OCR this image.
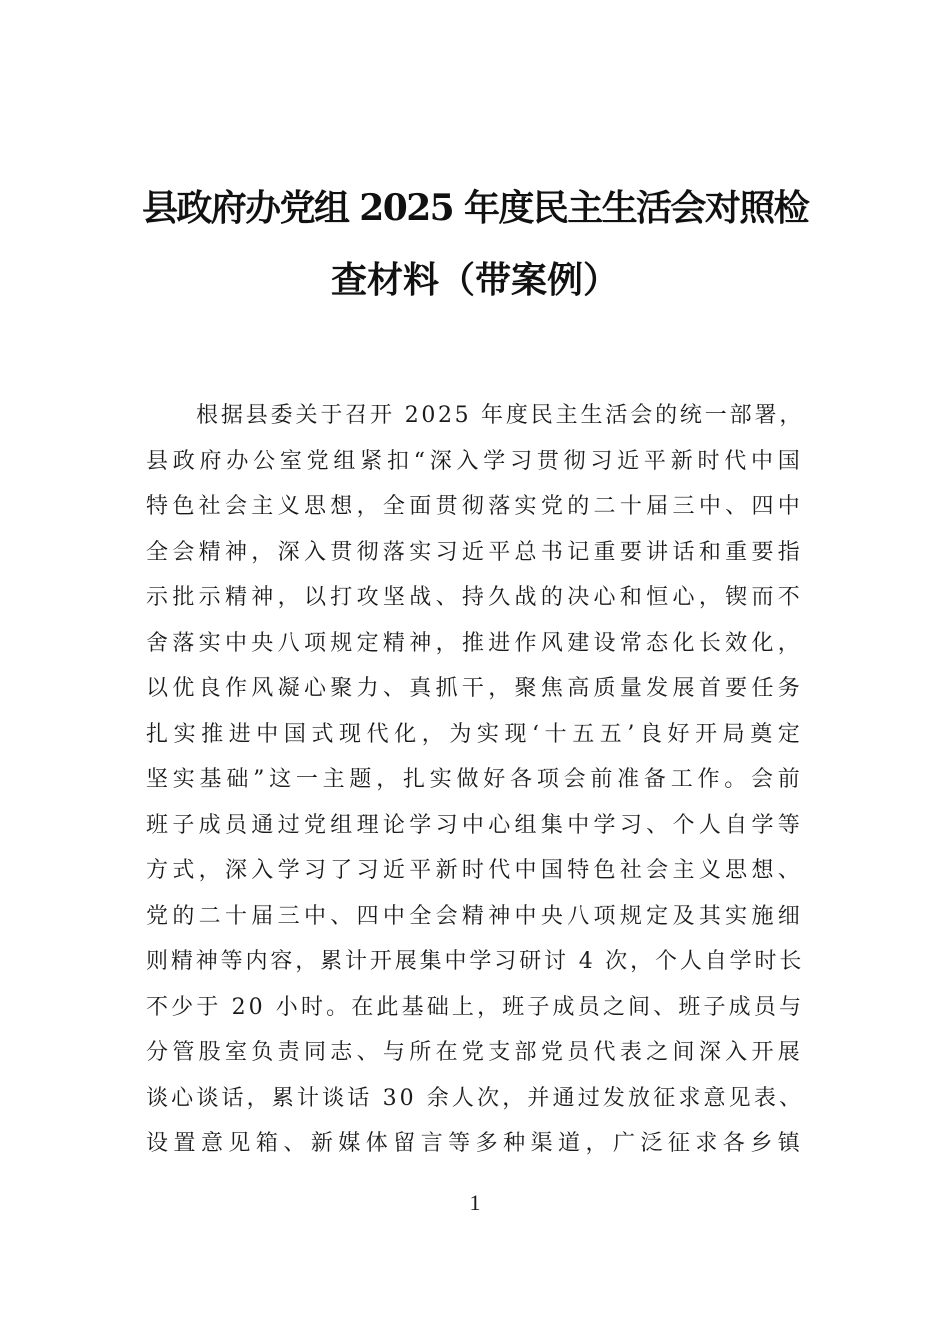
县政府办党组 2025 年度民主生活会对照检
查材料（带案例）
根据县委关于召开 2025 年度民主生活会的统一部署，
县政府办公室党组紧扣“深入学习贯彻习近平新时代中国
特色社会主义思想，全面贯彻落实党的二十届三中、四中
全会精神，深入贯彻落实习近平总书记重要讲话和重要指
示批示精神，以打攻坚战、持久战的决心和恒心，锲而不
舍落实中央八项规定精神，推进作风建设常态化长效化，
以优良作风凝心聚力、真抓干，聚焦高质量发展首要任务
扎实推进中国式现代化，为实现‘十五五’良好开局奠定
坚实基础”这一主题，扎实做好各项会前准备工作。会前
班子成员通过党组理论学习中心组集中学习、个人自学等
方式，深入学习了习近平新时代中国特色社会主义思想、
党的二十届三中、四中全会精神中央八项规定及其实施细
则精神等内容，累计开展集中学习研讨 4 次，个人自学时长
不少于 20 小时。在此基础上，班子成员之间、班子成员与
分管股室负责同志、与所在党支部党员代表之间深入开展
谈心谈话，累计谈话 30 余人次，并通过发放征求意见表、
设置意见箱、新媒体留言等多种渠道，广泛征求各乡镇
1
